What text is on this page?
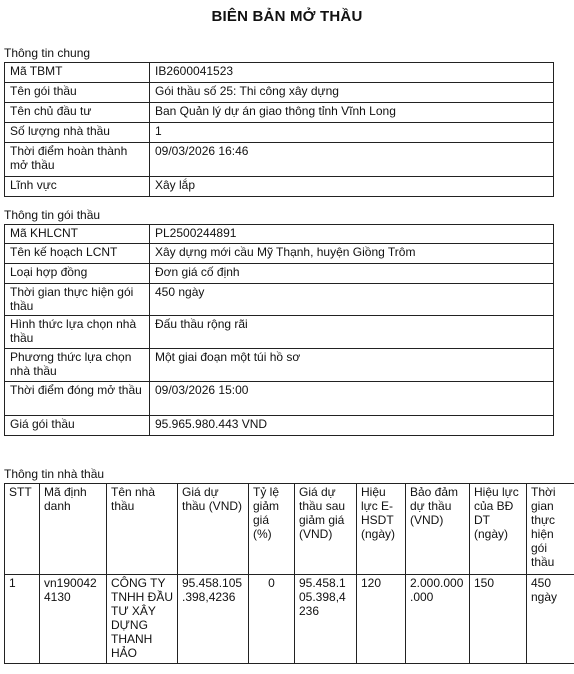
BIÊN BẢN MỞ THẦU
Thông tin chung
Mã TBMT	IB2600041523
Tên gói thầu	Gói thầu số 25: Thi công xây dựng
Tên chủ đầu tư	Ban Quản lý dự án giao thông tỉnh Vĩnh Long
Số lượng nhà thầu	1
Thời điểm hoàn thành mở thầu	09/03/2026 16:46
Lĩnh vực	Xây lắp
Thông tin gói thầu
Mã KHLCNT	PL2500244891
Tên kế hoạch LCNT	Xây dựng mới cầu Mỹ Thạnh, huyện Giồng Trôm
Loại hợp đồng	Đơn giá cố định
Thời gian thực hiện gói thầu	450 ngày
Hình thức lựa chọn nhà thầu	Đấu thầu rộng rãi
Phương thức lựa chọn nhà thầu	Một giai đoạn một túi hồ sơ
Thời điểm đóng mở thầu	09/03/2026 15:00
Giá gói thầu	95.965.980.443 VND
Thông tin nhà thầu
STT	Mã định danh	Tên nhà thầu	Giá dự thầu (VND)	Tỷ lệ giảm giá (%)	Giá dự thầu sau giảm giá (VND)	Hiệu lực E-HSDT (ngày)	Bảo đảm dự thầu (VND)	Hiệu lực của BĐ DT (ngày)	Thời gian thực hiện gói thầu
1	vn1900424130	CÔNG TY TNHH ĐẦU TƯ XÂY DỰNG THANH HẢO	95.458.105.398,4236	0	95.458.105.398,4236	120	2.000.000.000	150	450 ngày
